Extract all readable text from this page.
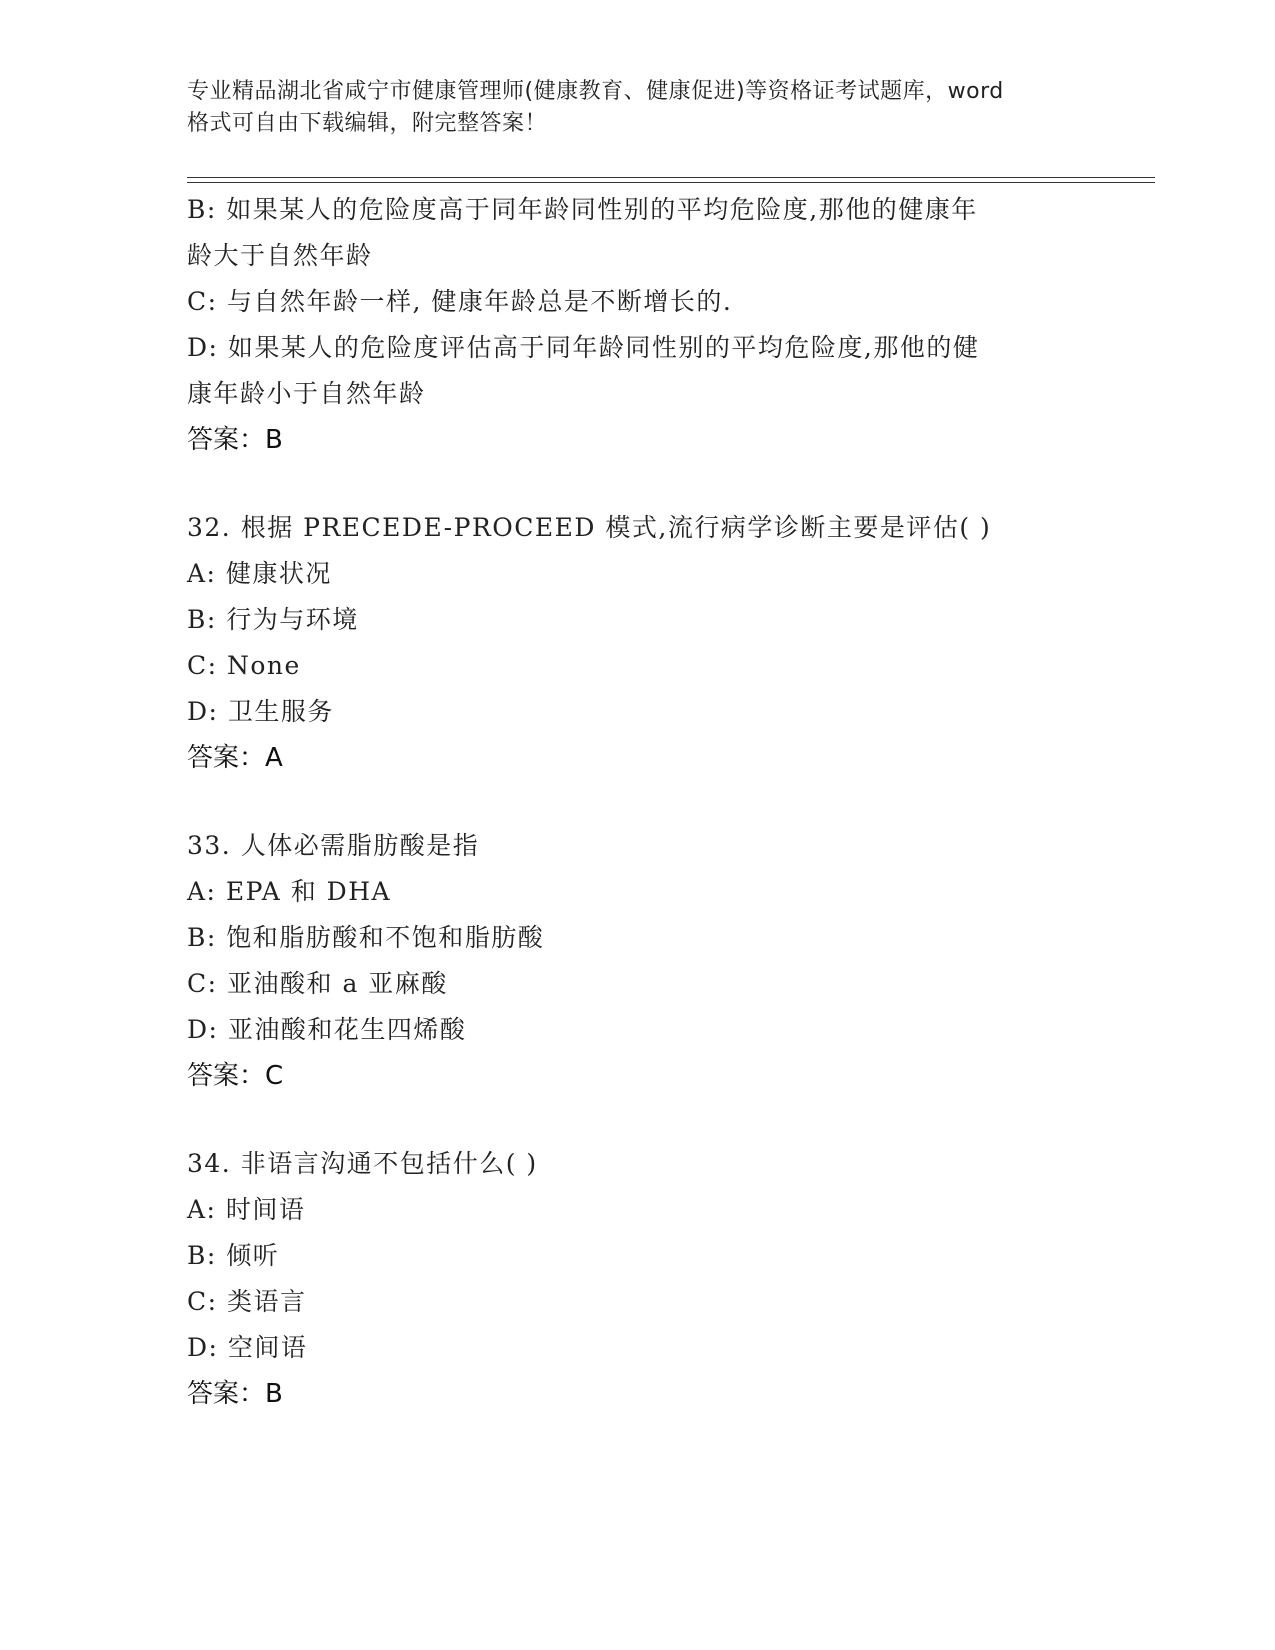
专业精品湖北省咸宁市健康管理师(健康教育、健康促进)等资格证考试题库，word
格式可自由下载编辑，附完整答案！
B: 如果某人的危险度高于同年龄同性别的平均危险度,那他的健康年
龄大于自然年龄
C: 与自然年龄一样, 健康年龄总是不断增长的.
D: 如果某人的危险度评估高于同年龄同性别的平均危险度,那他的健
康年龄小于自然年龄
答案：B
32. 根据 PRECEDE-PROCEED 模式,流行病学诊断主要是评估( )
A: 健康状况
B: 行为与环境
C: None
D: 卫生服务
答案：A
33. 人体必需脂肪酸是指
A: EPA 和 DHA
B: 饱和脂肪酸和不饱和脂肪酸
C: 亚油酸和 a 亚麻酸
D: 亚油酸和花生四烯酸
答案：C
34. 非语言沟通不包括什么( )
A: 时间语
B: 倾听
C: 类语言
D: 空间语
答案：B
